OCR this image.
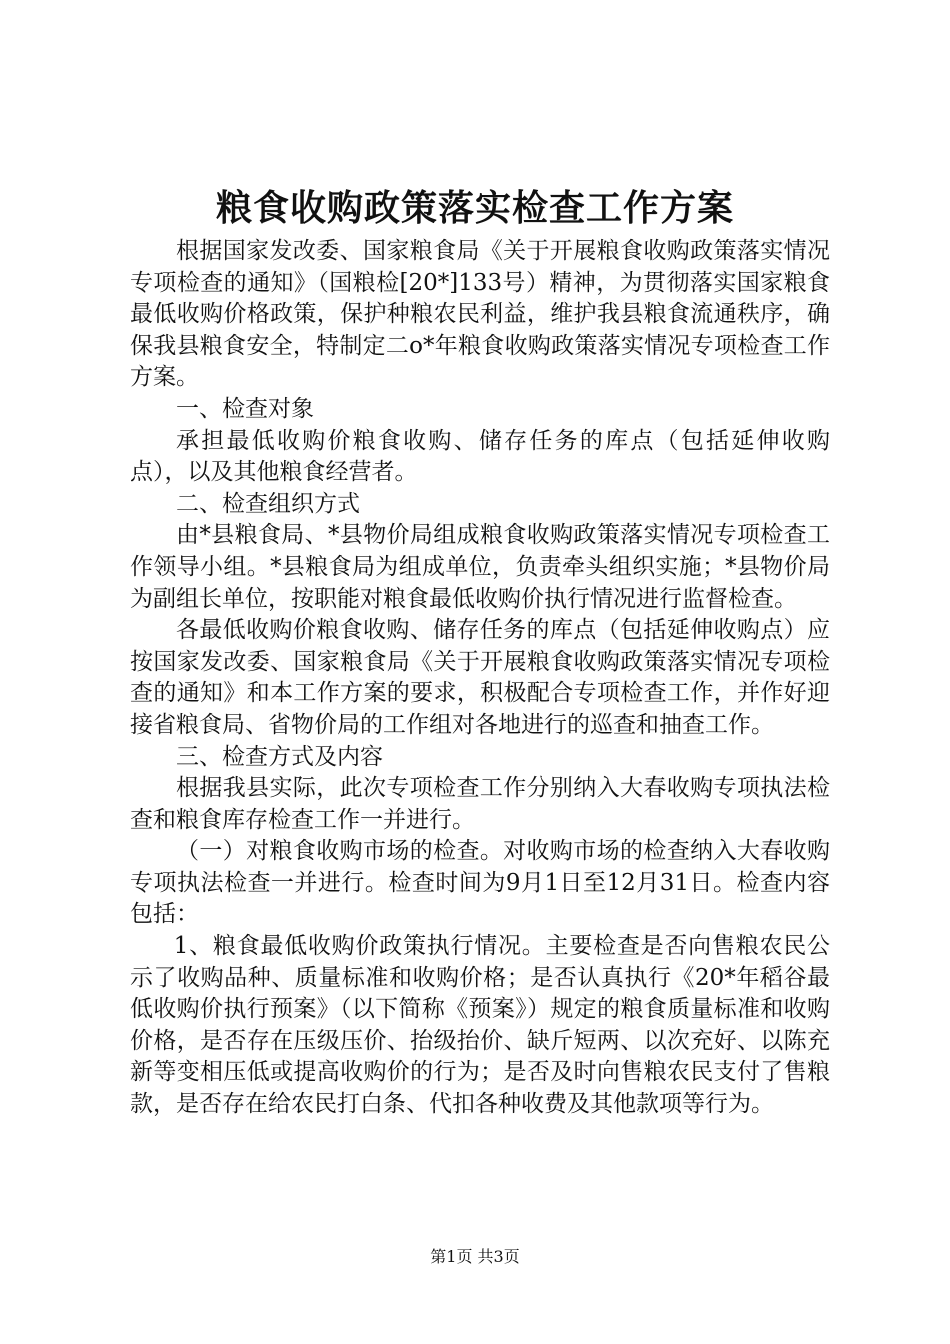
粮食收购政策落实检查工作方案

根据国家发改委、国家粮食局《关于开展粮食收购政策落实情况专项检查的通知》（国粮检[20*]133号）精神，为贯彻落实国家粮食最低收购价格政策，保护种粮农民利益，维护我县粮食流通秩序，确保我县粮食安全，特制定二o*年粮食收购政策落实情况专项检查工作方案。

一、检查对象

承担最低收购价粮食收购、储存任务的库点（包括延伸收购点），以及其他粮食经营者。

二、检查组织方式

由*县粮食局、*县物价局组成粮食收购政策落实情况专项检查工作领导小组。*县粮食局为组成单位，负责牵头组织实施；*县物价局为副组长单位，按职能对粮食最低收购价执行情况进行监督检查。

各最低收购价粮食收购、储存任务的库点（包括延伸收购点）应按国家发改委、国家粮食局《关于开展粮食收购政策落实情况专项检查的通知》和本工作方案的要求，积极配合专项检查工作，并作好迎接省粮食局、省物价局的工作组对各地进行的巡查和抽查工作。

三、检查方式及内容

根据我县实际，此次专项检查工作分别纳入大春收购专项执法检查和粮食库存检查工作一并进行。

（一）对粮食收购市场的检查。对收购市场的检查纳入大春收购专项执法检查一并进行。检查时间为9月1日至12月31日。检查内容包括：

1、粮食最低收购价政策执行情况。主要检查是否向售粮农民公示了收购品种、质量标准和收购价格；是否认真执行《20*年稻谷最低收购价执行预案》（以下简称《预案》）规定的粮食质量标准和收购价格，是否存在压级压价、抬级抬价、缺斤短两、以次充好、以陈充新等变相压低或提高收购价的行为；是否及时向售粮农民支付了售粮款，是否存在给农民打白条、代扣各种收费及其他款项等行为。

第1页 共3页
